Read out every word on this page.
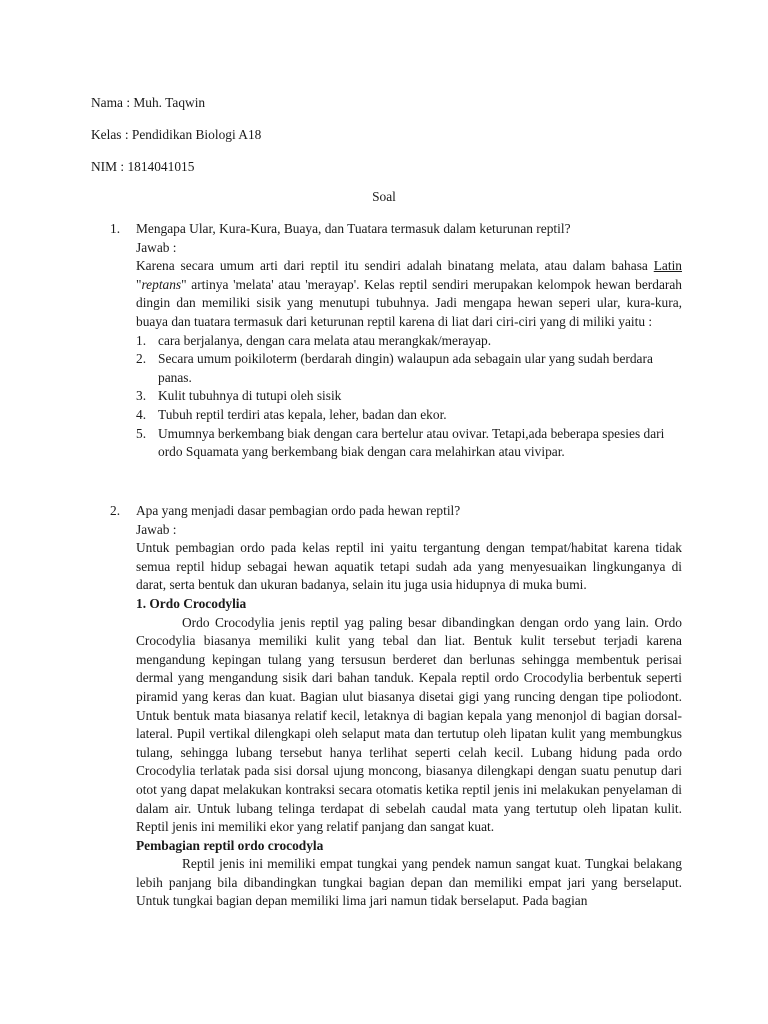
Nama : Muh. Taqwin
Kelas : Pendidikan Biologi A18
NIM : 1814041015
Soal
1. Mengapa Ular, Kura-Kura, Buaya, dan Tuatara termasuk dalam keturunan reptil?

Jawab :

Karena secara umum arti dari reptil itu sendiri adalah binatang melata, atau dalam bahasa Latin "reptans" artinya 'melata' atau 'merayap'. Kelas reptil sendiri merupakan kelompok hewan berdarah dingin dan memiliki sisik yang menutupi tubuhnya. Jadi mengapa hewan seperi ular, kura-kura, buaya dan tuatara termasuk dari keturunan reptil karena di liat dari ciri-ciri yang di miliki yaitu :

1. cara berjalanya, dengan cara melata atau merangkak/merayap.
2. Secara umum poikiloterm (berdarah dingin) walaupun ada sebagain ular yang sudah berdara panas.
3. Kulit tubuhnya di tutupi oleh sisik
4. Tubuh reptil terdiri atas kepala, leher, badan dan ekor.
5. Umumnya berkembang biak dengan cara bertelur atau ovivar. Tetapi,ada beberapa spesies dari ordo Squamata yang berkembang biak dengan cara melahirkan atau vivipar.
2. Apa yang menjadi dasar pembagian ordo pada hewan reptil?

Jawab :

Untuk pembagian ordo pada kelas reptil ini yaitu tergantung dengan tempat/habitat karena tidak semua reptil hidup sebagai hewan aquatik tetapi sudah ada yang menyesuaikan lingkunganya di darat, serta bentuk dan ukuran badanya, selain itu juga usia hidupnya di muka bumi.

1. Ordo Crocodylia

Ordo Crocodylia jenis reptil yag paling besar dibandingkan dengan ordo yang lain. Ordo Crocodylia biasanya memiliki kulit yang tebal dan liat. Bentuk kulit tersebut terjadi karena mengandung kepingan tulang yang tersusun berderet dan berlunas sehingga membentuk perisai dermal yang mengandung sisik dari bahan tanduk. Kepala reptil ordo Crocodylia berbentuk seperti piramid yang keras dan kuat. Bagian ulut biasanya disetai gigi yang runcing dengan tipe poliodont. Untuk bentuk mata biasanya relatif kecil, letaknya di bagian kepala yang menonjol di bagian dorsal-lateral. Pupil vertikal dilengkapi oleh selaput mata dan tertutup oleh lipatan kulit yang membungkus tulang, sehingga lubang tersebut hanya terlihat seperti celah kecil. Lubang hidung pada ordo Crocodylia terlatak pada sisi dorsal ujung moncong, biasanya dilengkapi dengan suatu penutup dari otot yang dapat melakukan kontraksi secara otomatis ketika reptil jenis ini melakukan penyelaman di dalam air. Untuk lubang telinga terdapat di sebelah caudal mata yang tertutup oleh lipatan kulit. Reptil jenis ini memiliki ekor yang relatif panjang dan sangat kuat.

Pembagian reptil ordo crocodyla

Reptil jenis ini memiliki empat tungkai yang pendek namun sangat kuat. Tungkai belakang lebih panjang bila dibandingkan tungkai bagian depan dan memiliki empat jari yang berselaput. Untuk tungkai bagian depan memiliki lima jari namun tidak berselaput. Pada bagian
